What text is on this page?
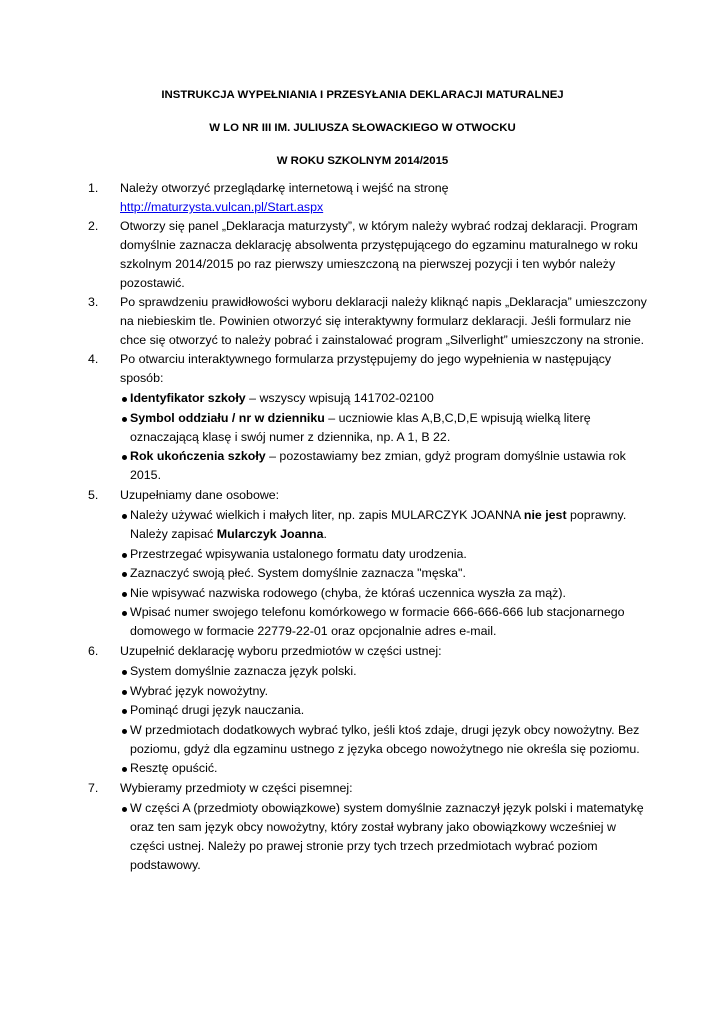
INSTRUKCJA WYPEŁNIANIA I PRZESYŁANIA DEKLARACJI MATURALNEJ
W LO NR III IM. JULIUSZA SŁOWACKIEGO W OTWOCKU
W ROKU SZKOLNYM 2014/2015
1. Należy otworzyć przeglądarkę internetową i wejść na stronę
http://maturzysta.vulcan.pl/Start.aspx
2. Otworzy się panel „Deklaracja maturzysty”, w którym należy wybrać rodzaj deklaracji. Program domyślnie zaznacza deklarację absolwenta przystępującego do egzaminu maturalnego w roku szkolnym 2014/2015 po raz pierwszy umieszczoną na pierwszej pozycji i ten wybór należy pozostawić.
3. Po sprawdzeniu prawidłowości wyboru deklaracji należy kliknąć napis „Deklaracja” umieszczony na niebieskim tle. Powinien otworzyć się interaktywny formularz deklaracji. Jeśli formularz nie chce się otworzyć to należy pobrać i zainstalować program „Silverlight” umieszczony na stronie.
4. Po otwarciu interaktywnego formularza przystępujemy do jego wypełnienia w następujący sposób:
Identyfikator szkoły – wszyscy wpisują 141702-02100
Symbol oddziału / nr w dzienniku – uczniowie klas A,B,C,D,E wpisują wielką literę oznaczającą klasę i swój numer z dziennika, np. A 1, B 22.
Rok ukończenia szkoły – pozostawiamy bez zmian, gdyż program domyślnie ustawia rok 2015.
5. Uzupełniamy dane osobowe:
Należy używać wielkich i małych liter, np. zapis MULARCZYK JOANNA nie jest poprawny. Należy zapisać Mularczyk Joanna.
Przestrzegać wpisywania ustalonego formatu daty urodzenia.
Zaznaczyć swoją płeć. System domyślnie zaznacza "męska".
Nie wpisywać nazwiska rodowego (chyba, że któraś uczennica wyszła za mąż).
Wpisać numer swojego telefonu komórkowego w formacie 666-666-666 lub stacjonarnego domowego w formacie 22779-22-01 oraz opcjonalnie adres e-mail.
6. Uzupełnić deklarację wyboru przedmiotów w części ustnej:
System domyślnie zaznacza język polski.
Wybrać język nowożytny.
Pominąć drugi język nauczania.
W przedmiotach dodatkowych wybrać tylko, jeśli ktoś zdaje, drugi język obcy nowożytny. Bez poziomu, gdyż dla egzaminu ustnego z języka obcego nowożytnego nie określa się poziomu.
Resztę opuścić.
7. Wybieramy przedmioty w części pisemnej:
W części A (przedmioty obowiązkowe) system domyślnie zaznaczył język polski i matematykę oraz ten sam język obcy nowożytny, który został wybrany jako obowiązkowy wcześniej w części ustnej. Należy po prawej stronie przy tych trzech przedmiotach wybrać poziom podstawowy.
